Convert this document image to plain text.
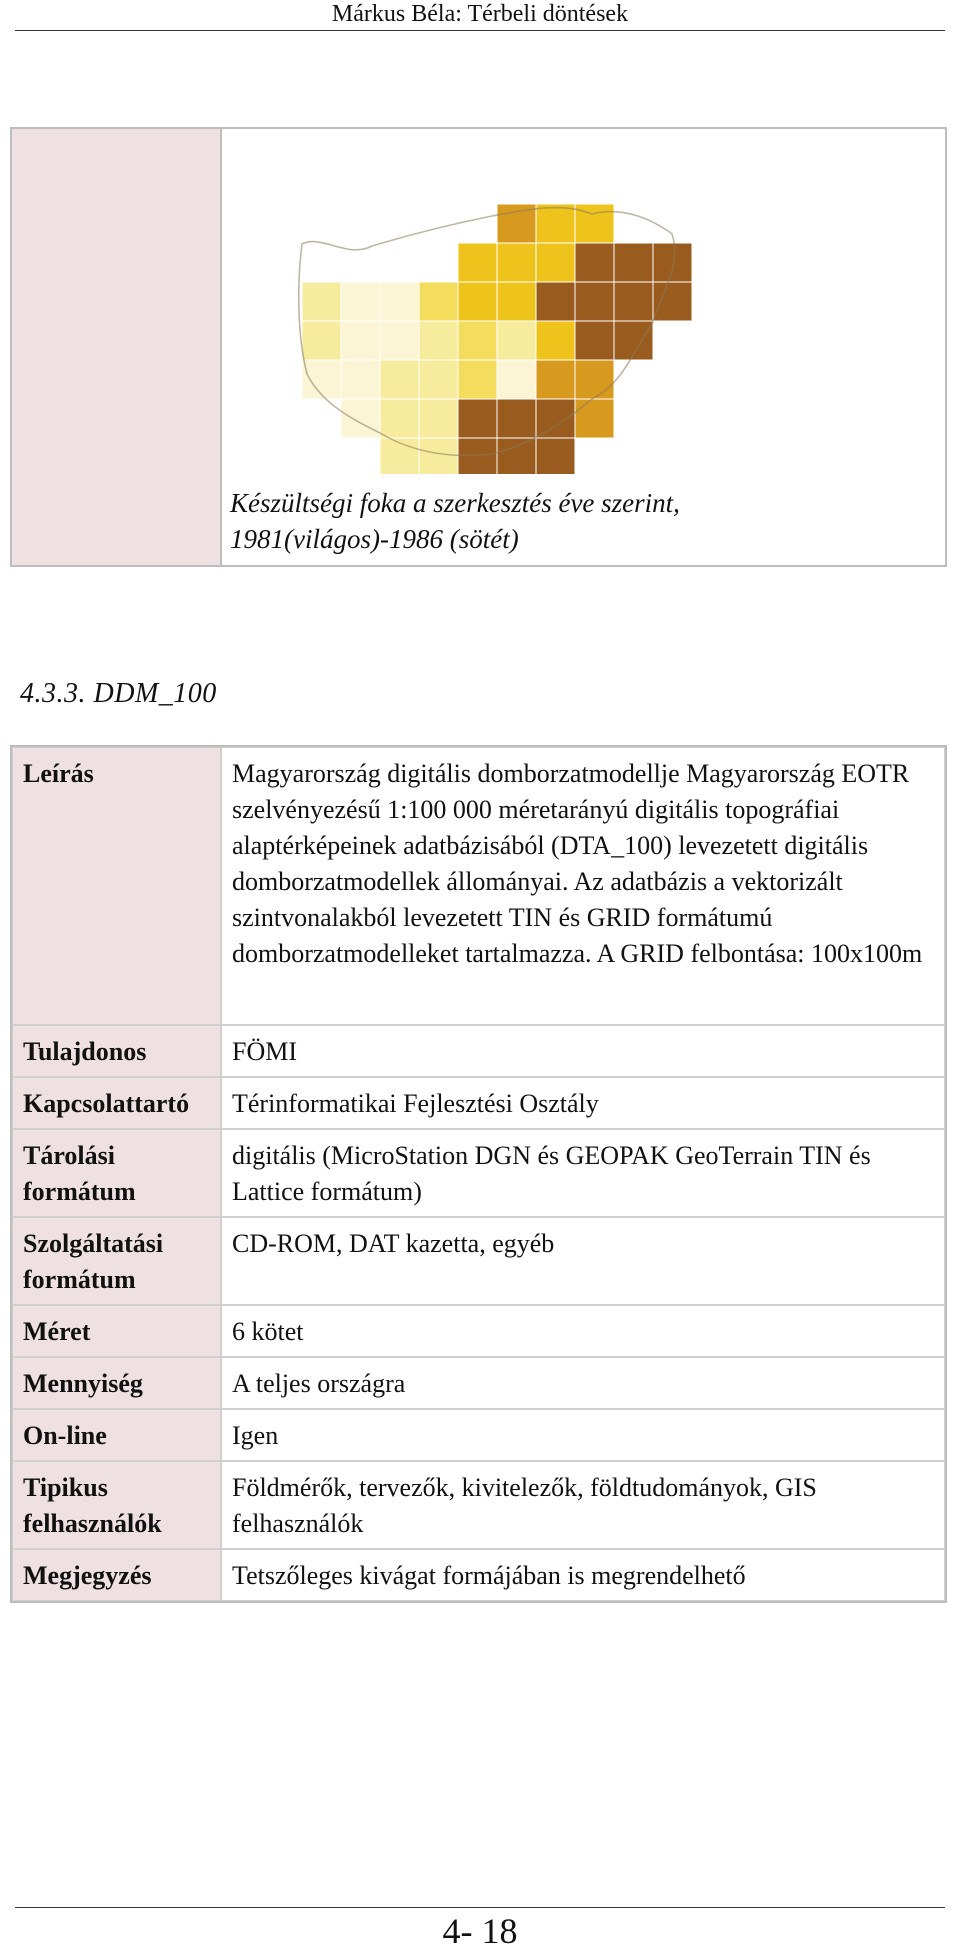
Márkus Béla: Térbeli döntések
Készültségi foka a szerkesztés éve szerint,
1981(világos)-1986 (sötét)
4.3.3. DDM_100
Leírás	Magyarország digitális domborzatmodellje Magyarország EOTR szelvényezésű 1:100 000 méretarányú digitális topográfiai alaptérképeinek adatbázisából (DTA_100) levezetett digitális domborzatmodellek állományai. Az adatbázis a vektorizált szintvonalakból levezetett TIN és GRID formátumú domborzatmodelleket tartalmazza. A GRID felbontása: 100x100m
Tulajdonos	FÖMI
Kapcsolattartó	Térinformatikai Fejlesztési Osztály
Tárolási formátum	digitális (MicroStation DGN és GEOPAK GeoTerrain TIN és Lattice formátum)
Szolgáltatási formátum	CD-ROM, DAT kazetta, egyéb
Méret	6 kötet
Mennyiség	A teljes országra
On-line	Igen
Tipikus felhasználók	Földmérők, tervezők, kivitelezők, földtudományok, GIS felhasználók
Megjegyzés	Tetszőleges kivágat formájában is megrendelhető
4- 18
